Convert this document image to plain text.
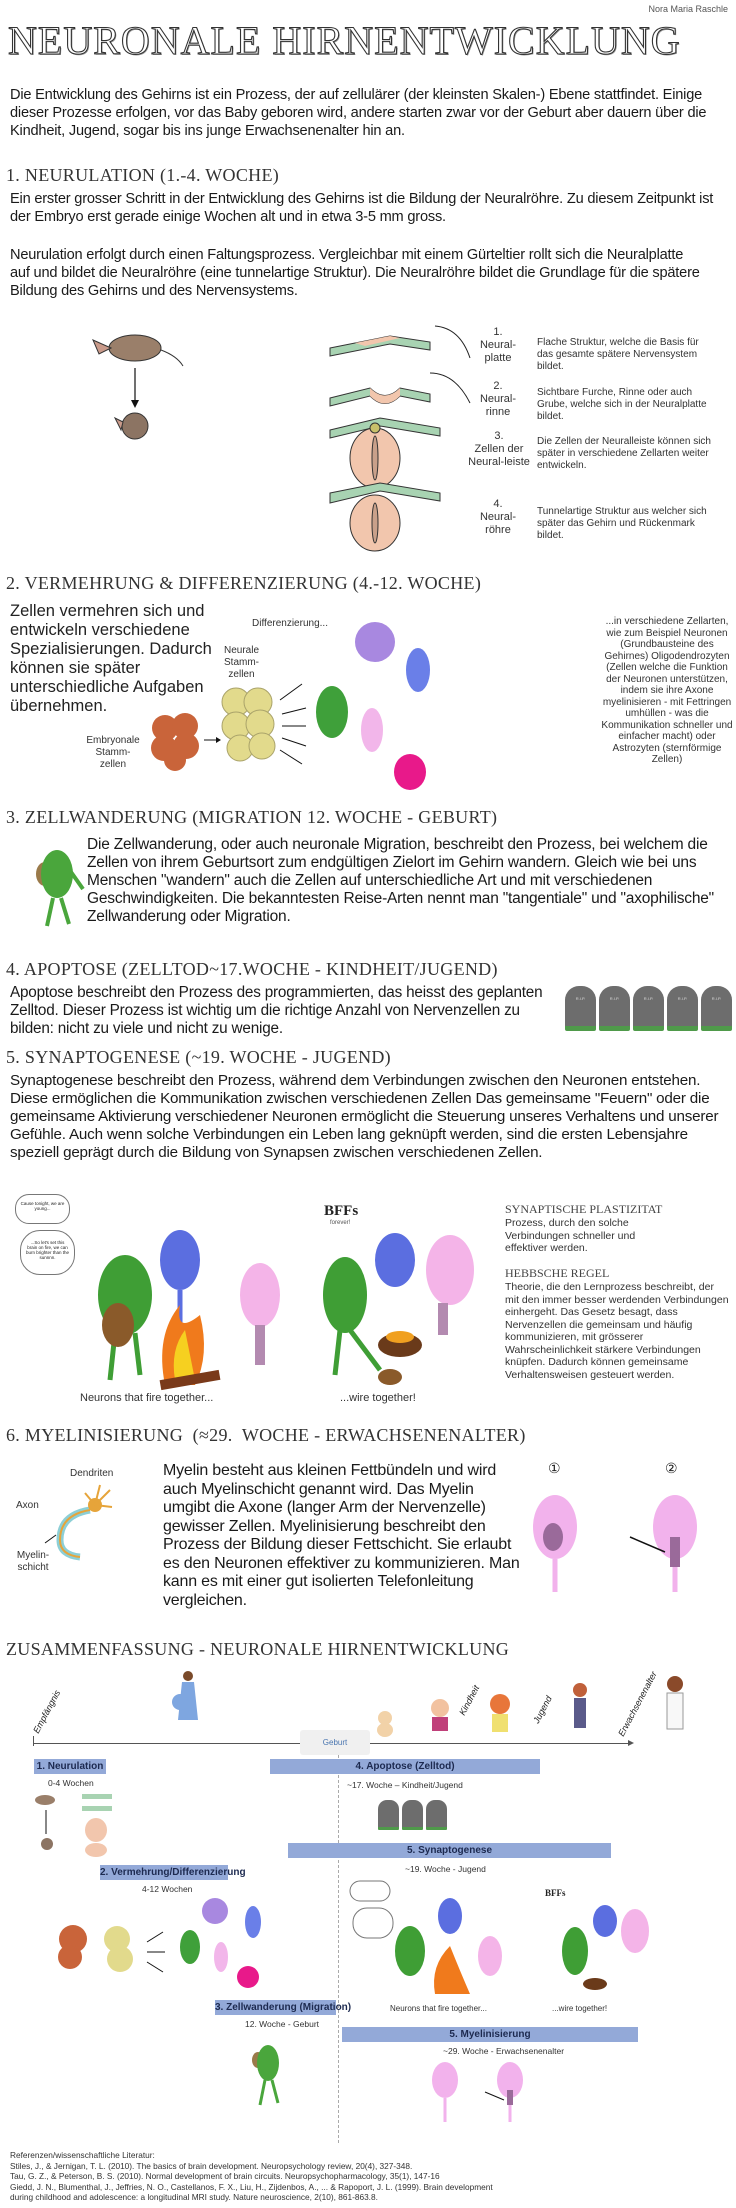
Nora Maria Raschle
NEURONALE HIRNENTWICKLUNG
Die Entwicklung des Gehirns ist ein Prozess, der auf zellulärer (der kleinsten Skalen-) Ebene stattfindet. Einige dieser Prozesse erfolgen, vor das Baby geboren wird, andere starten zwar vor der Geburt aber dauern über die Kindheit, Jugend, sogar bis ins junge Erwachsenenalter hin an.
1. NEURULATION (1.-4. WOCHE)
Ein erster grosser Schritt in der Entwicklung des Gehirns ist die Bildung der Neuralröhre. Zu diesem Zeitpunkt ist der Embryo erst gerade einige Wochen alt und in etwa 3-5 mm gross.
Neurulation erfolgt durch einen Faltungsprozess. Vergleichbar mit einem Gürteltier rollt sich die Neuralplatte auf und bildet die Neuralröhre (eine tunnelartige Struktur). Die Neuralröhre bildet die Grundlage für die spätere Bildung des Gehirns und des Nervensystems.
1.
Neural-platte
Flache Struktur, welche die Basis für das gesamte spätere Nervensystem bildet.
2.
Neural-rinne
Sichtbare Furche, Rinne oder auch Grube, welche sich in der Neuralplatte bildet.
3.
Zellen der Neural-leiste
Die Zellen der Neuralleiste können sich später in verschiedene Zellarten weiter entwickeln.
4.
Neural-röhre
Tunnelartige Struktur aus welcher sich später das Gehirn und Rückenmark bildet.
2. VERMEHRUNG & DIFFERENZIERUNG (4.-12. WOCHE)
Zellen vermehren sich und entwickeln verschiedene Spezialisierungen. Dadurch können sie später unterschiedliche Aufgaben übernehmen.
Embryonale Stamm-zellen
Neurale Stamm-zellen
Differenzierung...	...in verschiedene Zellarten, wie zum Beispiel Neuronen (Grundbausteine des Gehirnes) Oligodendrozyten (Zellen welche die Funktion der Neuronen unterstützen, indem sie ihre Axone myelinisieren - mit Fettringen umhüllen - was die Kommunikation schneller und einfacher macht) oder Astrozyten (sternförmige Zellen)
3. ZELLWANDERUNG (MIGRATION 12. WOCHE - GEBURT)
Die Zellwanderung, oder auch neuronale Migration, beschreibt den Prozess, bei welchem die Zellen von ihrem Geburtsort zum endgültigen Zielort im Gehirn wandern. Gleich wie bei uns Menschen "wandern" auch die Zellen auf unterschiedliche Art und mit verschiedenen Geschwindigkeiten. Die bekanntesten Reise-Arten nennt man "tangentiale" und "axophilische" Zellwanderung oder Migration.
4. APOPTOSE (ZELLTOD~17.WOCHE - KINDHEIT/JUGEND)
Apoptose beschreibt den Prozess des programmierten, das heisst des geplanten Zelltod. Dieser Prozess ist wichtig um die richtige Anzahl von Nervenzellen zu bilden: nicht zu viele und nicht zu wenige.
R.I.P.	R.I.P.	R.I.P.	R.I.P.	R.I.P.
5. SYNAPTOGENESE (~19. WOCHE - JUGEND)
Synaptogenese beschreibt den Prozess, während dem Verbindungen zwischen den Neuronen entstehen. Diese ermöglichen die Kommunikation zwischen verschiedenen Zellen Das gemeinsame "Feuern" oder die gemeinsame Aktivierung verschiedener Neuronen ermöglicht die Steuerung unseres Verhaltens und unserer Gefühle. Auch wenn solche Verbindungen ein Leben lang geknüpft werden, sind die ersten Lebensjahre speziell geprägt durch die Bildung von Synapsen zwischen verschiedenen Zellen.
Cause tonight, we are young...
...So let's set this brain on fire, we can burn brighter than the sunnnn.
Neurons that fire together...
BFFs
forever!
...wire together!
SYNAPTISCHE PLASTIZITAT
Prozess, durch den solche Verbindungen schneller und effektiver werden.
HEBBSCHE REGEL
Theorie, die den Lernprozess beschreibt, der mit den immer besser werdenden Verbindungen einhergeht. Das Gesetz besagt, dass Nervenzellen die gemeinsam und häufig kommunizieren, mit grösserer Wahrscheinlichkeit stärkere Verbindungen knüpfen. Dadurch können gemeinsame Verhaltensweisen gesteuert werden.
6. MYELINISIERUNG  (≈29.  WOCHE - ERWACHSENENALTER)
Dendriten
Axon
Myelin-schicht
Myelin besteht aus kleinen Fettbündeln und wird auch Myelinschicht genannt wird. Das Myelin umgibt die Axone (langer Arm der Nervenzelle) gewisser Zellen. Myelinisierung beschreibt den Prozess der Bildung dieser Fettschicht. Sie erlaubt es den Neuronen effektiver zu kommunizieren. Man kann es mit einer gut isolierten Telefonleitung vergleichen.
①	②
ZUSAMMENFASSUNG - NEURONALE HIRNENTWICKLUNG
Empfängnis	Kindheit	Jugend	Erwachsenenalter
Geburt
1. Neurulation
0-4 Wochen
2. Vermehrung/Differenzierung
4-12 Wochen
3. Zellwanderung (Migration)
12. Woche - Geburt
4. Apoptose (Zelltod)
~17. Woche – Kindheit/Jugend
5. Synaptogenese
~19. Woche - Jugend
BFFs
Neurons that fire together...	...wire together!
5. Myelinisierung
~29. Woche - Erwachsenenalter
Referenzen/wissenschaftliche Literatur:
Stiles, J., & Jernigan, T. L. (2010). The basics of brain development. Neuropsychology review, 20(4), 327-348.
Tau, G. Z., & Peterson, B. S. (2010). Normal development of brain circuits. Neuropsychopharmacology, 35(1), 147-16
Giedd, J. N., Blumenthal, J., Jeffries, N. O., Castellanos, F. X., Liu, H., Zijdenbos, A., ... & Rapoport, J. L. (1999). Brain development
during childhood and adolescence: a longitudinal MRI study. Nature neuroscience, 2(10), 861-863.8.
